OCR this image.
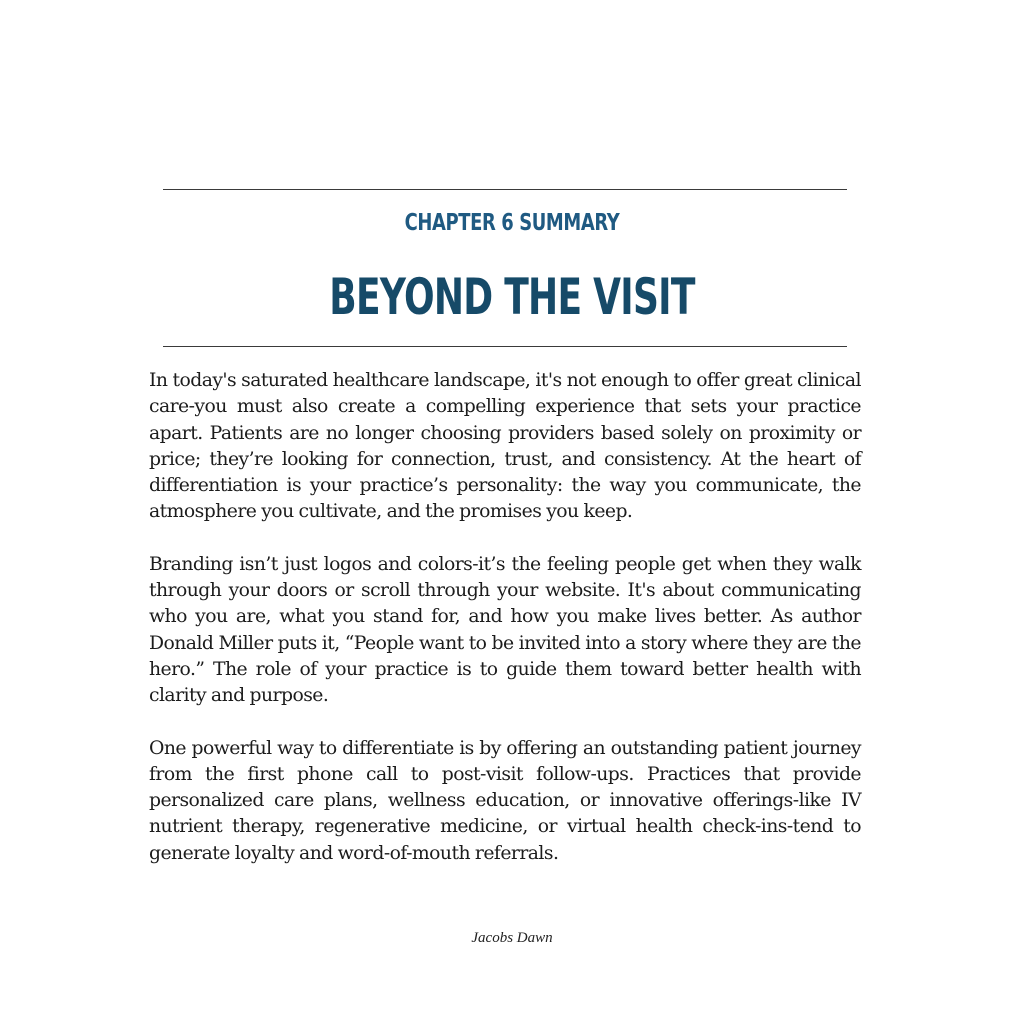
CHAPTER 6 SUMMARY
BEYOND THE VISIT

In today's saturated healthcare landscape, it's not enough to offer great clinical care-you must also create a compelling experience that sets your practice apart. Patients are no longer choosing providers based solely on proximity or price; they’re looking for connection, trust, and consistency. At the heart of differentiation is your practice’s personality: the way you communicate, the atmosphere you cultivate, and the promises you keep.

Branding isn’t just logos and colors-it’s the feeling people get when they walk through your doors or scroll through your website. It's about communicating who you are, what you stand for, and how you make lives better. As author Donald Miller puts it, “People want to be invited into a story where they are the hero.” The role of your practice is to guide them toward better health with clarity and purpose.

One powerful way to differentiate is by offering an outstanding patient journey from the first phone call to post-visit follow-ups. Practices that provide personalized care plans, wellness education, or innovative offerings-like IV nutrient therapy, regenerative medicine, or virtual health check-ins-tend to generate loyalty and word-of-mouth referrals.

Jacobs Dawn
